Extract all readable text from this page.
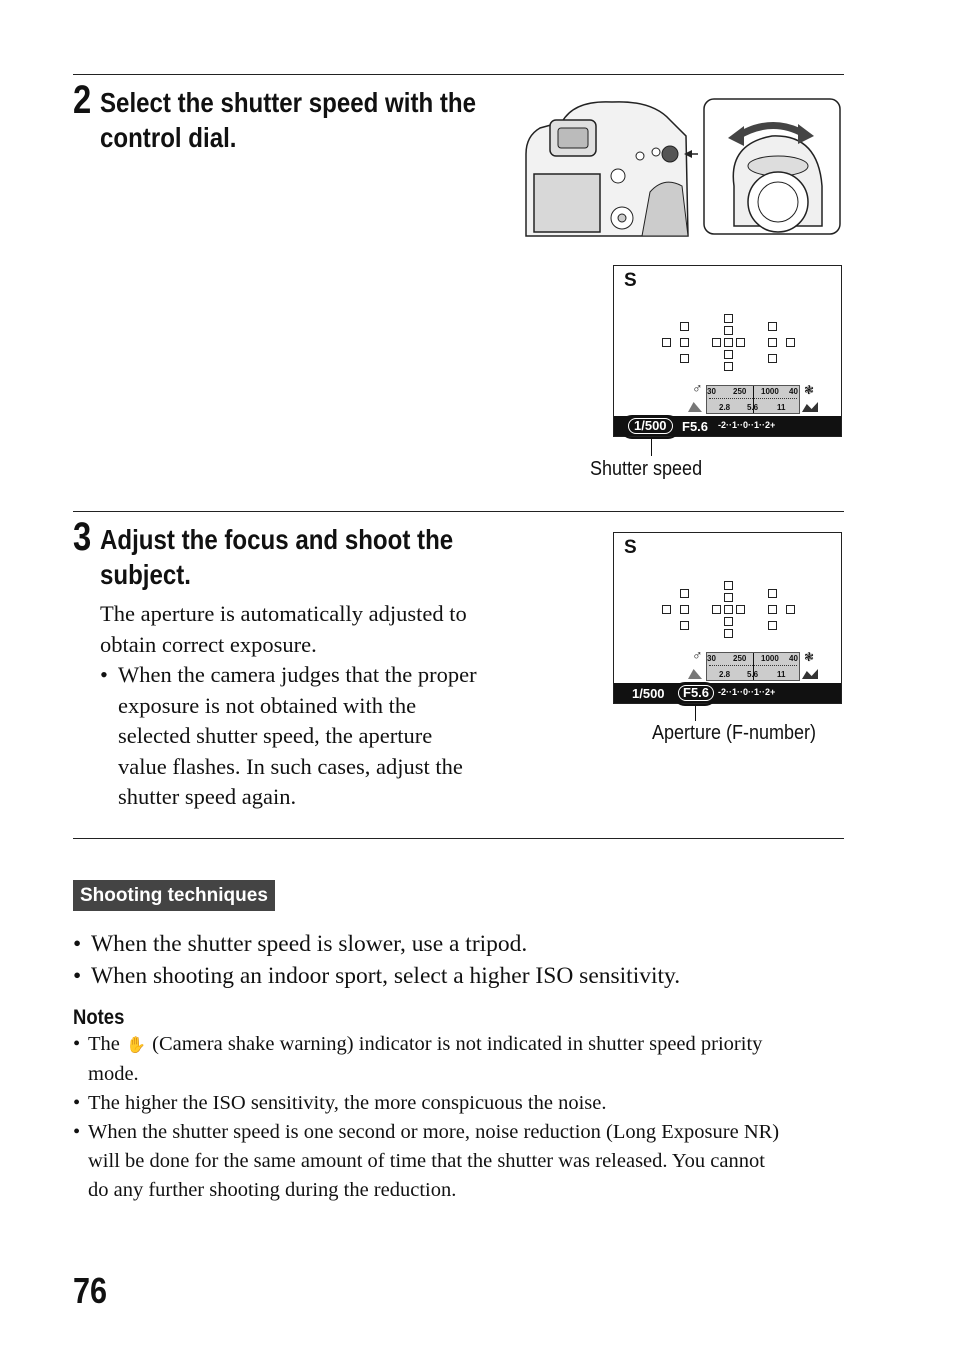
2 Select the shutter speed with the
control dial.
S
♂ 30 250 1000 40
2.8 5.6 11
❃
1/500	F5.6 -2··1··0··1··2+
Shutter speed
3 Adjust the focus and shoot the
subject.
The aperture is automatically adjusted to
obtain correct exposure.
• When the camera judges that the proper
exposure is not obtained with the
selected shutter speed, the aperture
value flashes. In such cases, adjust the
shutter speed again.
S
♂ 30 250 1000 40
2.8 5.6 11
❃
1/500	F5.6 -2··1··0··1··2+
Aperture (F-number)
Shooting techniques
• When the shutter speed is slower, use a tripod.
• When shooting an indoor sport, select a higher ISO sensitivity.
Notes
• The ✋ (Camera shake warning) indicator is not indicated in shutter speed priority
mode.
• The higher the ISO sensitivity, the more conspicuous the noise.
• When the shutter speed is one second or more, noise reduction (Long Exposure NR)
will be done for the same amount of time that the shutter was released. You cannot
do any further shooting during the reduction.
76
